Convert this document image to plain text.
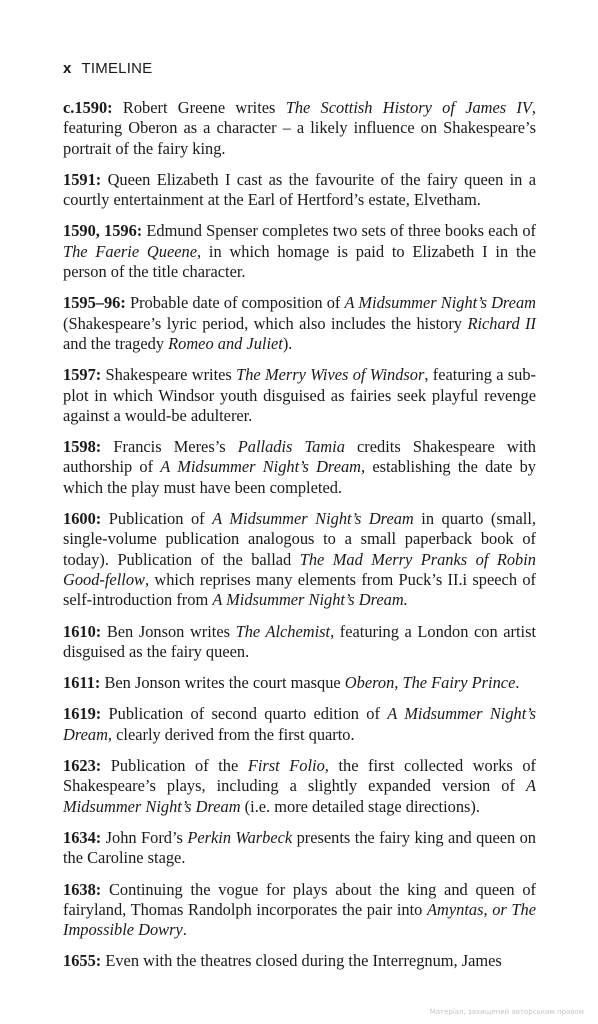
x TIMELINE

c.1590: Robert Greene writes The Scottish History of James IV, featuring Oberon as a character – a likely influence on Shakespeare’s portrait of the fairy king.

1591: Queen Elizabeth I cast as the favourite of the fairy queen in a courtly entertainment at the Earl of Hertford’s estate, Elvetham.

1590, 1596: Edmund Spenser completes two sets of three books each of The Faerie Queene, in which homage is paid to Elizabeth I in the person of the title character.

1595–96: Probable date of composition of A Midsummer Night’s Dream (Shakespeare’s lyric period, which also includes the history Richard II and the tragedy Romeo and Juliet).

1597: Shakespeare writes The Merry Wives of Windsor, featuring a sub-plot in which Windsor youth disguised as fairies seek playful revenge against a would-be adulterer.

1598: Francis Meres’s Palladis Tamia credits Shakespeare with authorship of A Midsummer Night’s Dream, establishing the date by which the play must have been completed.

1600: Publication of A Midsummer Night’s Dream in quarto (small, single-volume publication analogous to a small paperback book of today). Publication of the ballad The Mad Merry Pranks of Robin Good-fellow, which reprises many elements from Puck’s II.i speech of self-introduction from A Midsummer Night’s Dream.

1610: Ben Jonson writes The Alchemist, featuring a London con artist disguised as the fairy queen.

1611: Ben Jonson writes the court masque Oberon, The Fairy Prince.

1619: Publication of second quarto edition of A Midsummer Night’s Dream, clearly derived from the first quarto.

1623: Publication of the First Folio, the first collected works of Shakespeare’s plays, including a slightly expanded version of A Midsummer Night’s Dream (i.e. more detailed stage directions).

1634: John Ford’s Perkin Warbeck presents the fairy king and queen on the Caroline stage.

1638: Continuing the vogue for plays about the king and queen of fairyland, Thomas Randolph incorporates the pair into Amyntas, or The Impossible Dowry.

1655: Even with the theatres closed during the Interregnum, James

Матеріал, захищений авторським правом
